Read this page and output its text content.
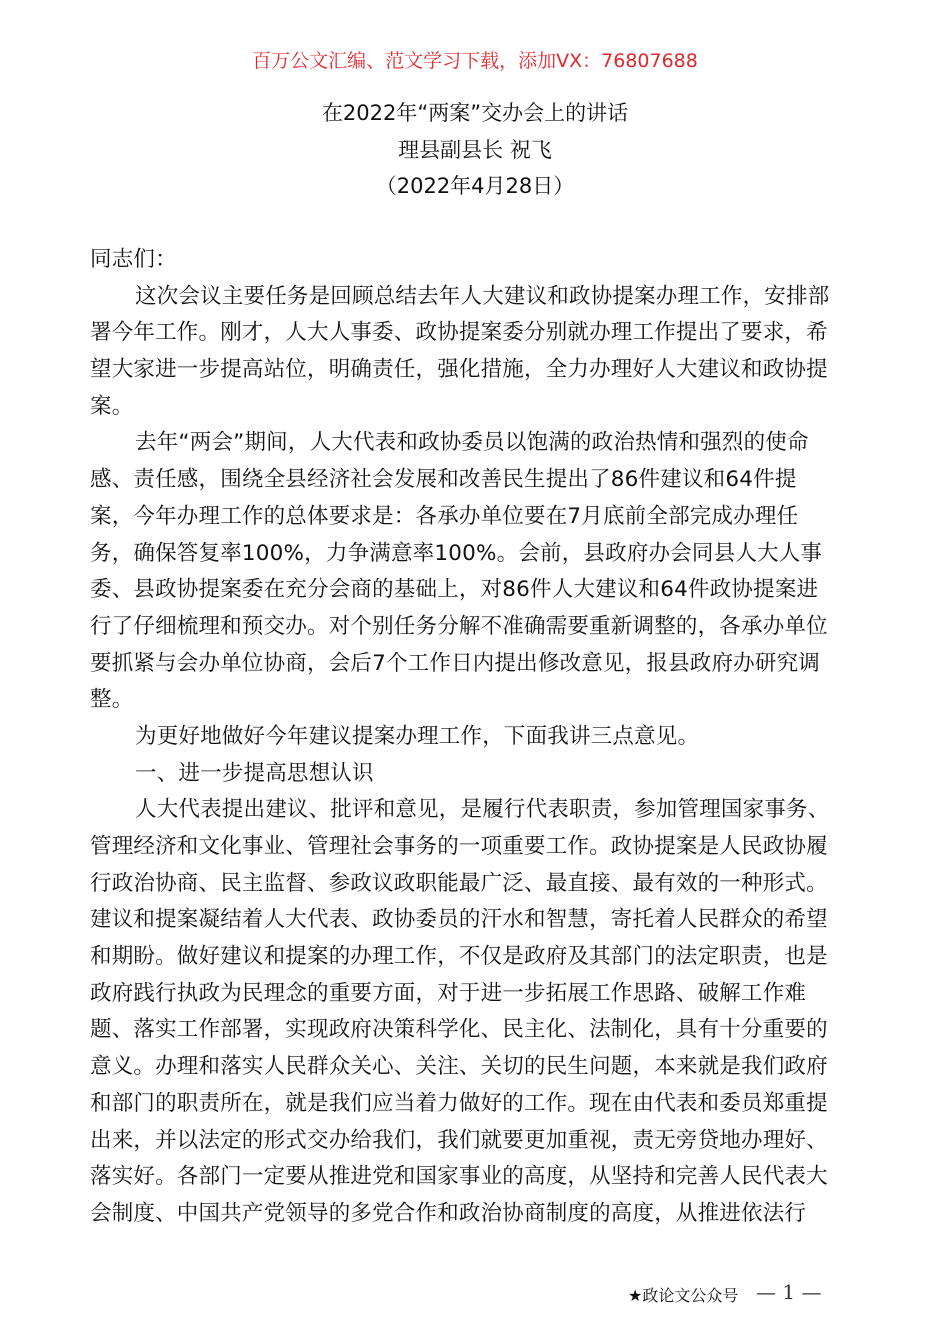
百万公文汇编、范文学习下载，添加VX：76807688
在2022年“两案”交办会上的讲话
理县副县长 祝飞
（2022年4月28日）
同志们：
这次会议主要任务是回顾总结去年人大建议和政协提案办理工作，安排部
署今年工作。刚才，人大人事委、政协提案委分别就办理工作提出了要求，希
望大家进一步提高站位，明确责任，强化措施，全力办理好人大建议和政协提
案。
去年“两会”期间，人大代表和政协委员以饱满的政治热情和强烈的使命
感、责任感，围绕全县经济社会发展和改善民生提出了86件建议和64件提
案，今年办理工作的总体要求是：各承办单位要在7月底前全部完成办理任
务，确保答复率100%，力争满意率100%。会前，县政府办会同县人大人事
委、县政协提案委在充分会商的基础上，对86件人大建议和64件政协提案进
行了仔细梳理和预交办。对个别任务分解不准确需要重新调整的，各承办单位
要抓紧与会办单位协商，会后7个工作日内提出修改意见，报县政府办研究调
整。
为更好地做好今年建议提案办理工作，下面我讲三点意见。
一、进一步提高思想认识
人大代表提出建议、批评和意见，是履行代表职责，参加管理国家事务、
管理经济和文化事业、管理社会事务的一项重要工作。政协提案是人民政协履
行政治协商、民主监督、参政议政职能最广泛、最直接、最有效的一种形式。
建议和提案凝结着人大代表、政协委员的汗水和智慧，寄托着人民群众的希望
和期盼。做好建议和提案的办理工作，不仅是政府及其部门的法定职责，也是
政府践行执政为民理念的重要方面，对于进一步拓展工作思路、破解工作难
题、落实工作部署，实现政府决策科学化、民主化、法制化，具有十分重要的
意义。办理和落实人民群众关心、关注、关切的民生问题，本来就是我们政府
和部门的职责所在，就是我们应当着力做好的工作。现在由代表和委员郑重提
出来，并以法定的形式交办给我们，我们就要更加重视，责无旁贷地办理好、
落实好。各部门一定要从推进党和国家事业的高度，从坚持和完善人民代表大
会制度、中国共产党领导的多党合作和政治协商制度的高度，从推进依法行
★政论文公众号 — 1 —
